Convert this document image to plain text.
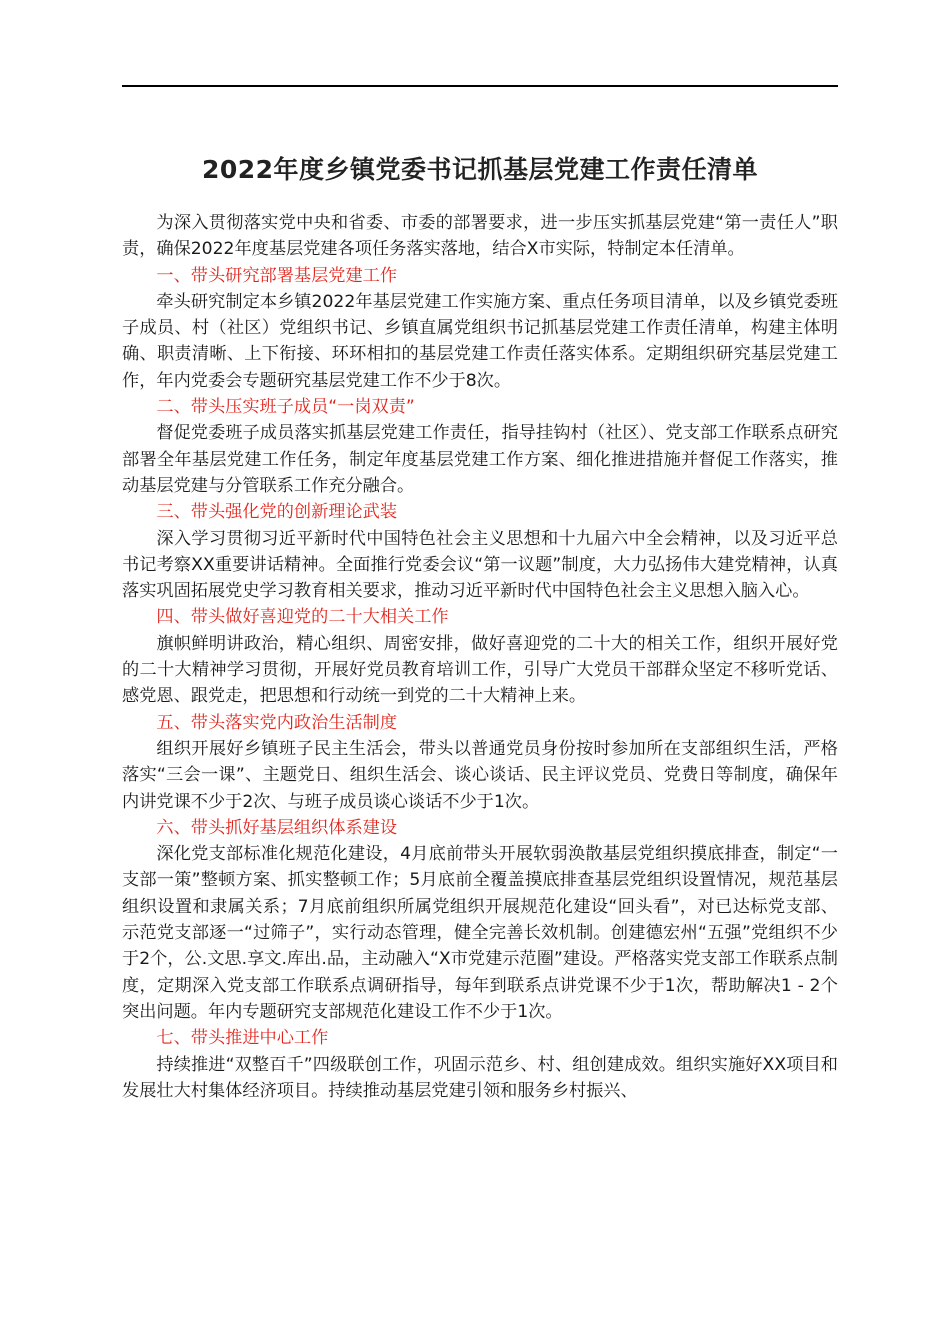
2022年度乡镇党委书记抓基层党建工作责任清单

为深入贯彻落实党中央和省委、市委的部署要求，进一步压实抓基层党建“第一责任人”职责，确保2022年度基层党建各项任务落实落地，结合X市实际，特制定本任清单。

一、带头研究部署基层党建工作

牵头研究制定本乡镇2022年基层党建工作实施方案、重点任务项目清单，以及乡镇党委班子成员、村（社区）党组织书记、乡镇直属党组织书记抓基层党建工作责任清单，构建主体明确、职责清晰、上下衔接、环环相扣的基层党建工作责任落实体系。定期组织研究基层党建工作，年内党委会专题研究基层党建工作不少于8次。

二、带头压实班子成员“一岗双责”

督促党委班子成员落实抓基层党建工作责任，指导挂钩村（社区）、党支部工作联系点研究部署全年基层党建工作任务，制定年度基层党建工作方案、细化推进措施并督促工作落实，推动基层党建与分管联系工作充分融合。

三、带头强化党的创新理论武装

深入学习贯彻习近平新时代中国特色社会主义思想和十九届六中全会精神，以及习近平总书记考察XX重要讲话精神。全面推行党委会议“第一议题”制度，大力弘扬伟大建党精神，认真落实巩固拓展党史学习教育相关要求，推动习近平新时代中国特色社会主义思想入脑入心。

四、带头做好喜迎党的二十大相关工作

旗帜鲜明讲政治，精心组织、周密安排，做好喜迎党的二十大的相关工作，组织开展好党的二十大精神学习贯彻，开展好党员教育培训工作，引导广大党员干部群众坚定不移听党话、感党恩、跟党走，把思想和行动统一到党的二十大精神上来。

五、带头落实党内政治生活制度

组织开展好乡镇班子民主生活会，带头以普通党员身份按时参加所在支部组织生活，严格落实“三会一课”、主题党日、组织生活会、谈心谈话、民主评议党员、党费日等制度，确保年内讲党课不少于2次、与班子成员谈心谈话不少于1次。

六、带头抓好基层组织体系建设

深化党支部标准化规范化建设，4月底前带头开展软弱涣散基层党组织摸底排查，制定“一支部一策”整顿方案、抓实整顿工作；5月底前全覆盖摸底排查基层党组织设置情况，规范基层组织设置和隶属关系；7月底前组织所属党组织开展规范化建设“回头看”，对已达标党支部、示范党支部逐一“过筛子”，实行动态管理，健全完善长效机制。创建德宏州“五强”党组织不少于2个，公.文思.享文.库出.品，主动融入“X市党建示范圈”建设。严格落实党支部工作联系点制度，定期深入党支部工作联系点调研指导，每年到联系点讲党课不少于1次，帮助解决1 - 2个突出问题。年内专题研究支部规范化建设工作不少于1次。

七、带头推进中心工作

持续推进“双整百千”四级联创工作，巩固示范乡、村、组创建成效。组织实施好XX项目和发展壮大村集体经济项目。持续推动基层党建引领和服务乡村振兴、
